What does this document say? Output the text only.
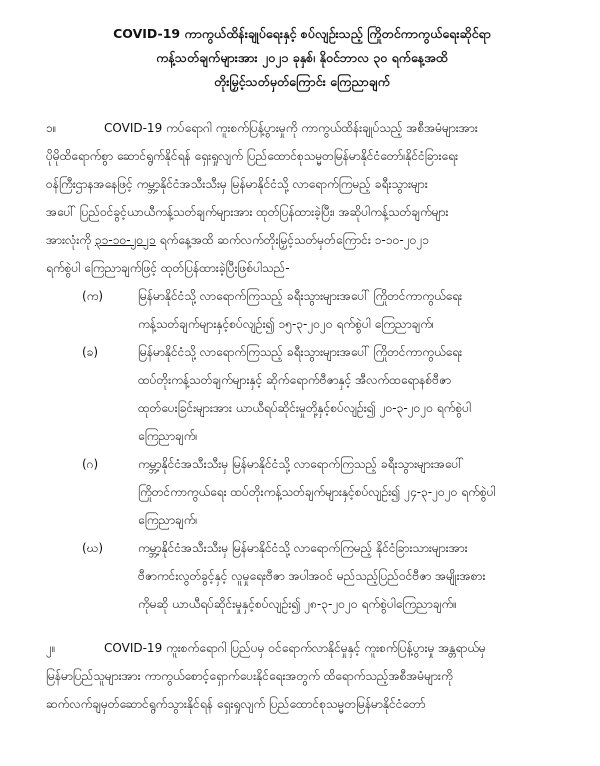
COVID-19 ကာကွယ်ထိန်းချုပ်ရေးနှင့် စပ်လျဉ်းသည့် ကြိုတင်ကာကွယ်ရေးဆိုင်ရာ
ကန့်သတ်ချက်များအား ၂၀၂၁ ခုနှစ်၊ နိုဝင်ဘာလ ၃၀ ရက်နေ့အထိ
တိုးမြှင့်သတ်မှတ်ကြောင်း ကြေညာချက်
၁။	COVID-19 ကပ်ရောဂါ ကူးစက်ပြန့်ပွားမှုကို ကာကွယ်ထိန်းချုပ်သည့် အစီအမံများအား
ပိုမိုထိရောက်စွာ ဆောင်ရွက်နိုင်ရန် ရှေးရှုလျက် ပြည်ထောင်စုသမ္မတမြန်မာနိုင်ငံတော်၊နိုင်ငံခြားရေး
ဝန်ကြီးဌာနအနေဖြင့် ကမ္ဘာ့နိုင်ငံအသီးသီးမှ မြန်မာနိုင်ငံသို့ လာရောက်ကြမည့် ခရီးသွားများ
အပေါ် ပြည်ဝင်ခွင့်ယာယီကန့်သတ်ချက်များအား ထုတ်ပြန်ထားခဲ့ပြီး၊ အဆိုပါကန့်သတ်ချက်များ
အားလုံးကို ၃၁-၁၀-၂၀၂၁ ရက်နေ့အထိ ဆက်လက်တိုးမြှင့်သတ်မှတ်ကြောင်း ၁-၁၀-၂၀၂၁
ရက်စွဲပါ ကြေညာချက်ဖြင့် ထုတ်ပြန်ထားခဲ့ပြီးဖြစ်ပါသည်-
(က)	မြန်မာနိုင်ငံသို့ လာရောက်ကြသည့် ခရီးသွားများအပေါ် ကြိုတင်ကာကွယ်ရေး
ကန့်သတ်ချက်များနှင့်စပ်လျဉ်း၍ ၁၅-၃-၂၀၂၀ ရက်စွဲပါ ကြေညာချက်၊
(ခ)	မြန်မာနိုင်ငံသို့ လာရောက်ကြသည့် ခရီးသွားများအပေါ် ကြိုတင်ကာကွယ်ရေး
ထပ်တိုးကန့်သတ်ချက်များနှင့် ဆိုက်ရောက်ဗီဇာနှင့် အီလက်ထရောနစ်ဗီဇာ
ထုတ်ပေးခြင်းများအား ယာယီရပ်ဆိုင်းမှုတို့နှင့်စပ်လျဉ်း၍ ၂၀-၃-၂၀၂၀ ရက်စွဲပါ
ကြေညာချက်၊
(ဂ)	ကမ္ဘာ့နိုင်ငံအသီးသီးမှ မြန်မာနိုင်ငံသို့ လာရောက်ကြသည့် ခရီးသွားများအပေါ်
ကြိုတင်ကာကွယ်ရေး ထပ်တိုးကန့်သတ်ချက်များနှင့်စပ်လျဉ်း၍ ၂၄-၃-၂၀၂၀ ရက်စွဲပါ
ကြေညာချက်၊
(ဃ)	ကမ္ဘာ့နိုင်ငံအသီးသီးမှ မြန်မာနိုင်ငံသို့ လာရောက်ကြမည့် နိုင်ငံခြားသားများအား
ဗီဇာကင်းလွတ်ခွင့်နှင့် လူမှုရေးဗီဇာ အပါအဝင် မည်သည့်ပြည်ဝင်ဗီဇာ အမျိုးအစား
ကိုမဆို ယာယီရပ်ဆိုင်းမှုနှင့်စပ်လျဉ်း၍ ၂၈-၃-၂၀၂၀ ရက်စွဲပါကြေညာချက်။
၂။	COVID-19 ကူးစက်ရောဂါ ပြည်ပမှ ဝင်ရောက်လာနိုင်မှုနှင့် ကူးစက်ပြန့်ပွားမှု အန္တရာယ်မှ
မြန်မာပြည်သူများအား ကာကွယ်စောင့်ရှောက်ပေးနိုင်ရေးအတွက် ထိရောက်သည့်အစီအမံများကို
ဆက်လက်ချမှတ်ဆောင်ရွက်သွားနိုင်ရန် ရှေးရှုလျက် ပြည်ထောင်စုသမ္မတမြန်မာနိုင်ငံတော်
